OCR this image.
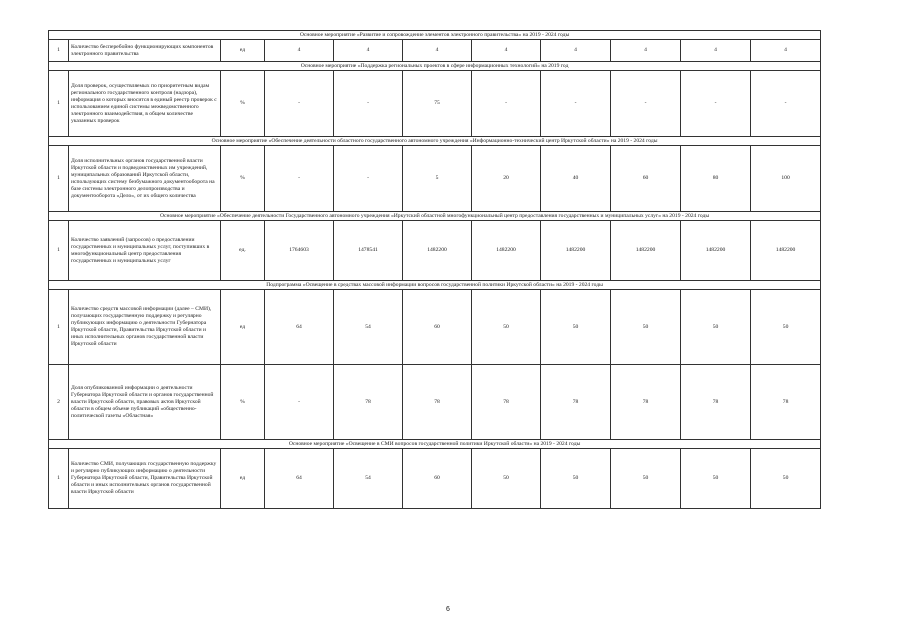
Основное мероприятие «Развитие и сопровождение элементов электронного правительства» на 2019 - 2024 годы										
1	Количество бесперебойно функционирующих компонентов электронного правительства	ед	4	4	4	4	4	4	4	4
Основное мероприятие «Поддержка региональных проектов в сфере информационных технологий» на 2019 год										
1	Доля проверок, осуществляемых по приоритетным видам регионального государственного контроля (надзора), информация о которых вносится в единый реестр проверок с использованием единой системы межведомственного электронного взаимодействия, в общем количестве указанных проверок	%	-	-	75	-	-	-	-	-
Основное мероприятие «Обеспечение деятельности областного государственного автономного учреждения «Информационно-технический центр Иркутской области» на 2019 - 2024 годы										
1	Доля исполнительных органов государственной власти Иркутской области и подведомственных им учреждений, муниципальных образований Иркутской области, использующих систему безбумажного документооборота на базе системы электронного делопроизводства и документооборота «Дело», от их общего количества	%	-	-	5	20	40	60	80	100
Основное мероприятие «Обеспечение деятельности Государственного автономного учреждения «Иркутский областной многофункциональный центр предоставления государственных и муниципальных услуг» на 2019 - 2024 годы										
1	Количество заявлений (запросов) о предоставлении государственных и муниципальных услуг, поступивших в многофункциональный центр предоставления государственных и муниципальных услуг	ед.	1764603	1478541	1482200	1482200	1482200	1482200	1482200	1482200
Подпрограмма «Освещение в средствах массовой информации вопросов государственной политики Иркутской области» на 2019 - 2024 годы										
1	Количество средств массовой информации (далее – СМИ), получающих государственную поддержку и регулярно публикующих информацию о деятельности Губернатора Иркутской области, Правительства Иркутской области и иных исполнительных органов государственной власти Иркутской области	ед	64	54	60	50	50	50	50	50
2	Доля опубликованной информации о деятельности Губернатора Иркутской области и органов государственной власти Иркутской области, правовых актов Иркутской области в общем объеме публикаций «общественно-политической газеты «Областная»	%	-	78	78	78	78	78	78	78
Основное мероприятие «Освещение в СМИ вопросов государственной политики Иркутской области» на 2019 - 2024 годы										
1	Количество СМИ, получающих государственную поддержку и регулярно публикующих информацию о деятельности Губернатора Иркутской области, Правительства Иркутской области и иных исполнительных органов государственной власти Иркутской области	ед	64	54	60	50	50	50	50	50
6
